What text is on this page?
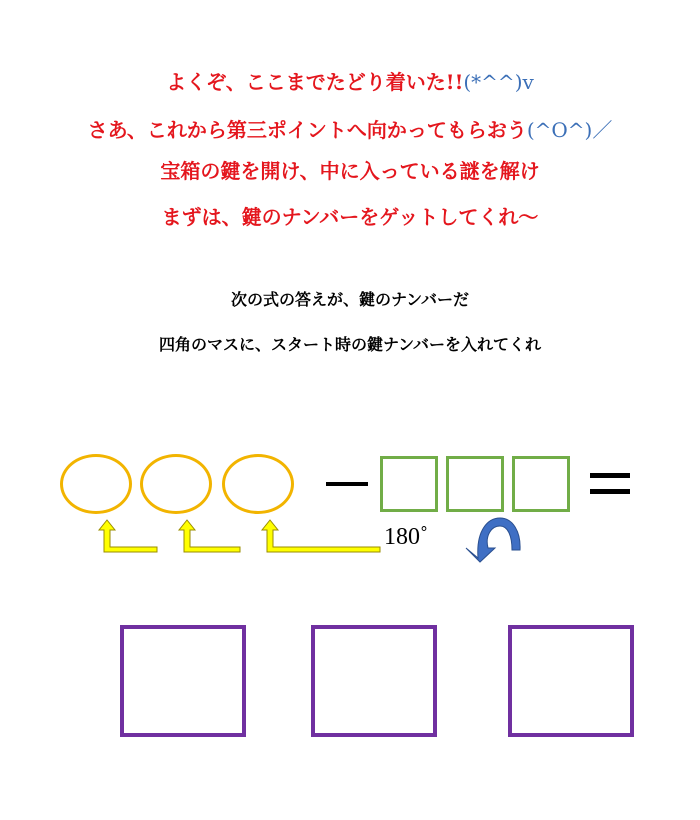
よくぞ、ここまでたどり着いた!!(*^^)v
さあ、これから第三ポイントへ向かってもらおう(^O^)／
宝箱の鍵を開け、中に入っている謎を解け
まずは、鍵のナンバーをゲットしてくれ～
次の式の答えが、鍵のナンバーだ
四角のマスに、スタート時の鍵ナンバーを入れてくれ
180˚
